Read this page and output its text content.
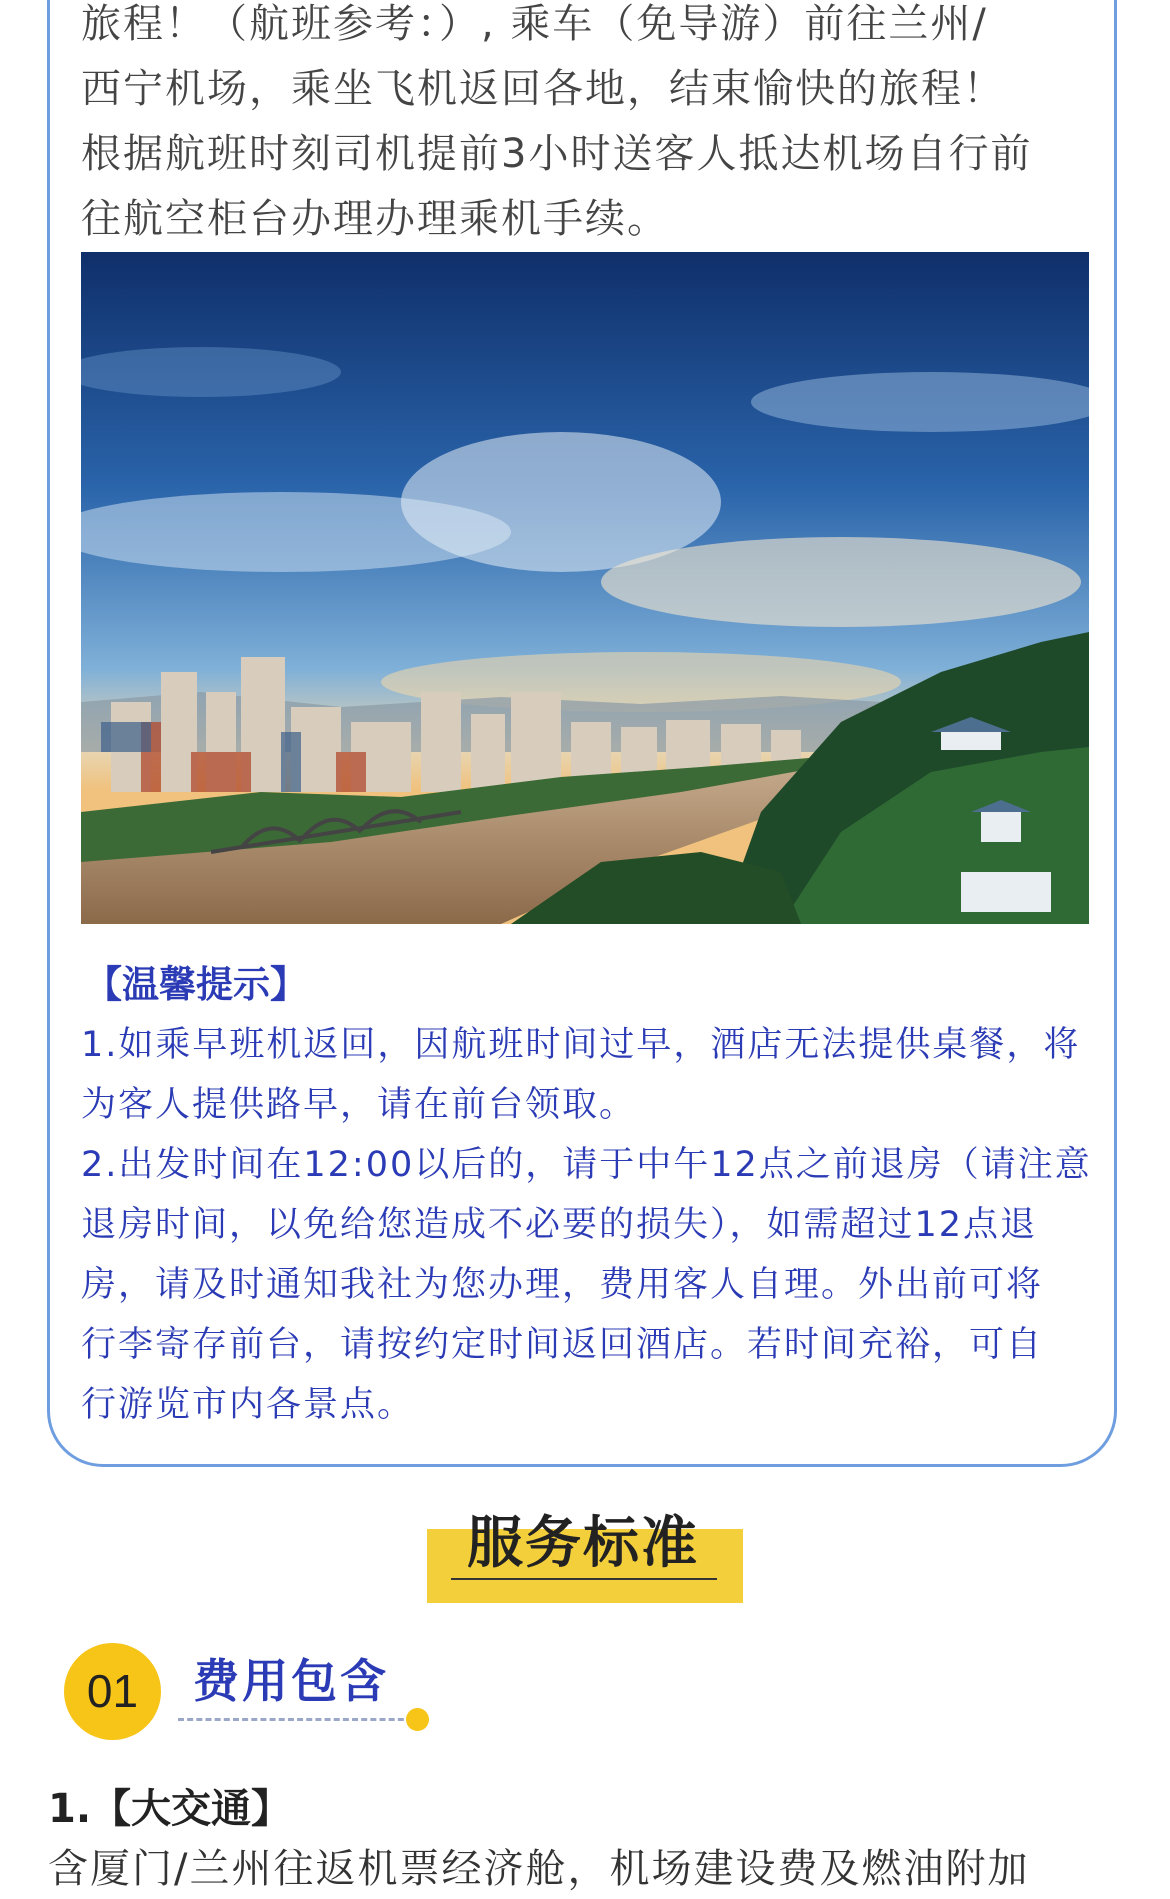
旅程！（航班参考：）, 乘车（免导游）前往兰州/

西宁机场，乘坐飞机返回各地，结束愉快的旅程！

根据航班时刻司机提前3小时送客人抵达机场自行前

往航空柜台办理办理乘机手续。

【温馨提示】

1.如乘早班机返回，因航班时间过早，酒店无法提供桌餐，将
为客人提供路早，请在前台领取。
2.出发时间在12:00以后的，请于中午12点之前退房（请注意
退房时间，以免给您造成不必要的损失），如需超过12点退
房，请及时通知我社为您办理，费用客人自理。外出前可将
行李寄存前台，请按约定时间返回酒店。若时间充裕，可自
行游览市内各景点。

服务标准
01	费用包含
1.【大交通】
含厦门/兰州往返机票经济舱，机场建设费及燃油附加
